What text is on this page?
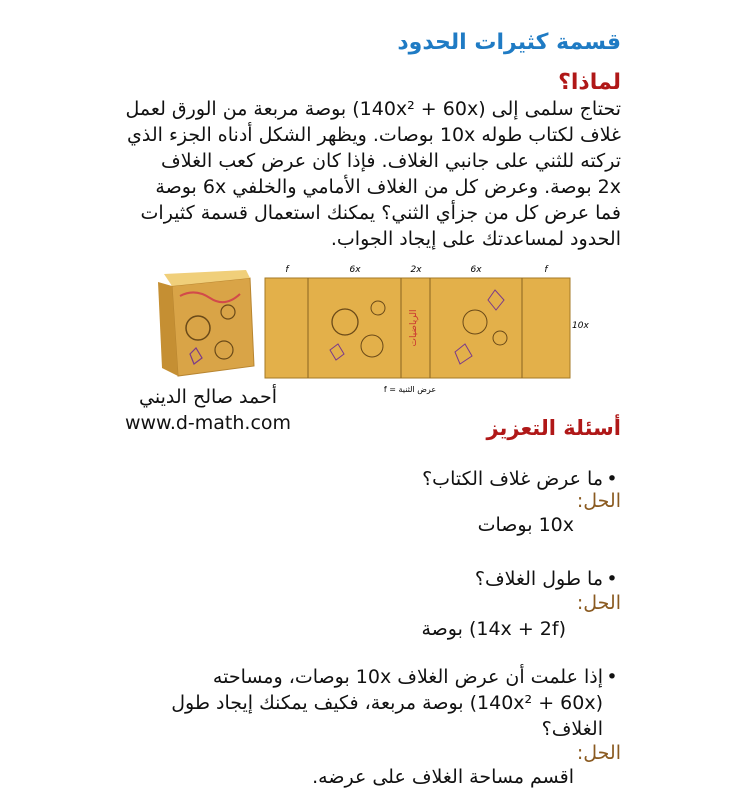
قسمة كثيرات الحدود
لماذا؟

تحتاج سلمى إلى (140x² + 60x) بوصة مربعة من الورق لعمل

غلاف لكتاب طوله 10x بوصات. ويظهر الشكل أدناه الجزء الذي

تركته للثني على جانبي الغلاف. فإذا كان عرض كعب الغلاف

2x بوصة. وعرض كل من الغلاف الأمامي والخلفي 6x بوصة

فما عرض كل من جزأي الثني؟ يمكنك استعمال قسمة كثيرات

الحدود لمساعدتك على إيجاد الجواب.

الرياضيات
f	6x	2x	6x	f
10x
f = عرض الثنية
أحمد صالح الديني
www.d-math.com	أسئلة التعزيز
•ما عرض غلاف الكتاب؟
الحل:
10x بوصات
•ما طول الغلاف؟
الحل:
(14x + 2f) بوصة
•إذا علمت أن عرض الغلاف 10x بوصات، ومساحته
(140x² + 60x) بوصة مربعة، فكيف يمكنك إيجاد طول
الغلاف؟
الحل:
اقسم مساحة الغلاف على عرضه.
